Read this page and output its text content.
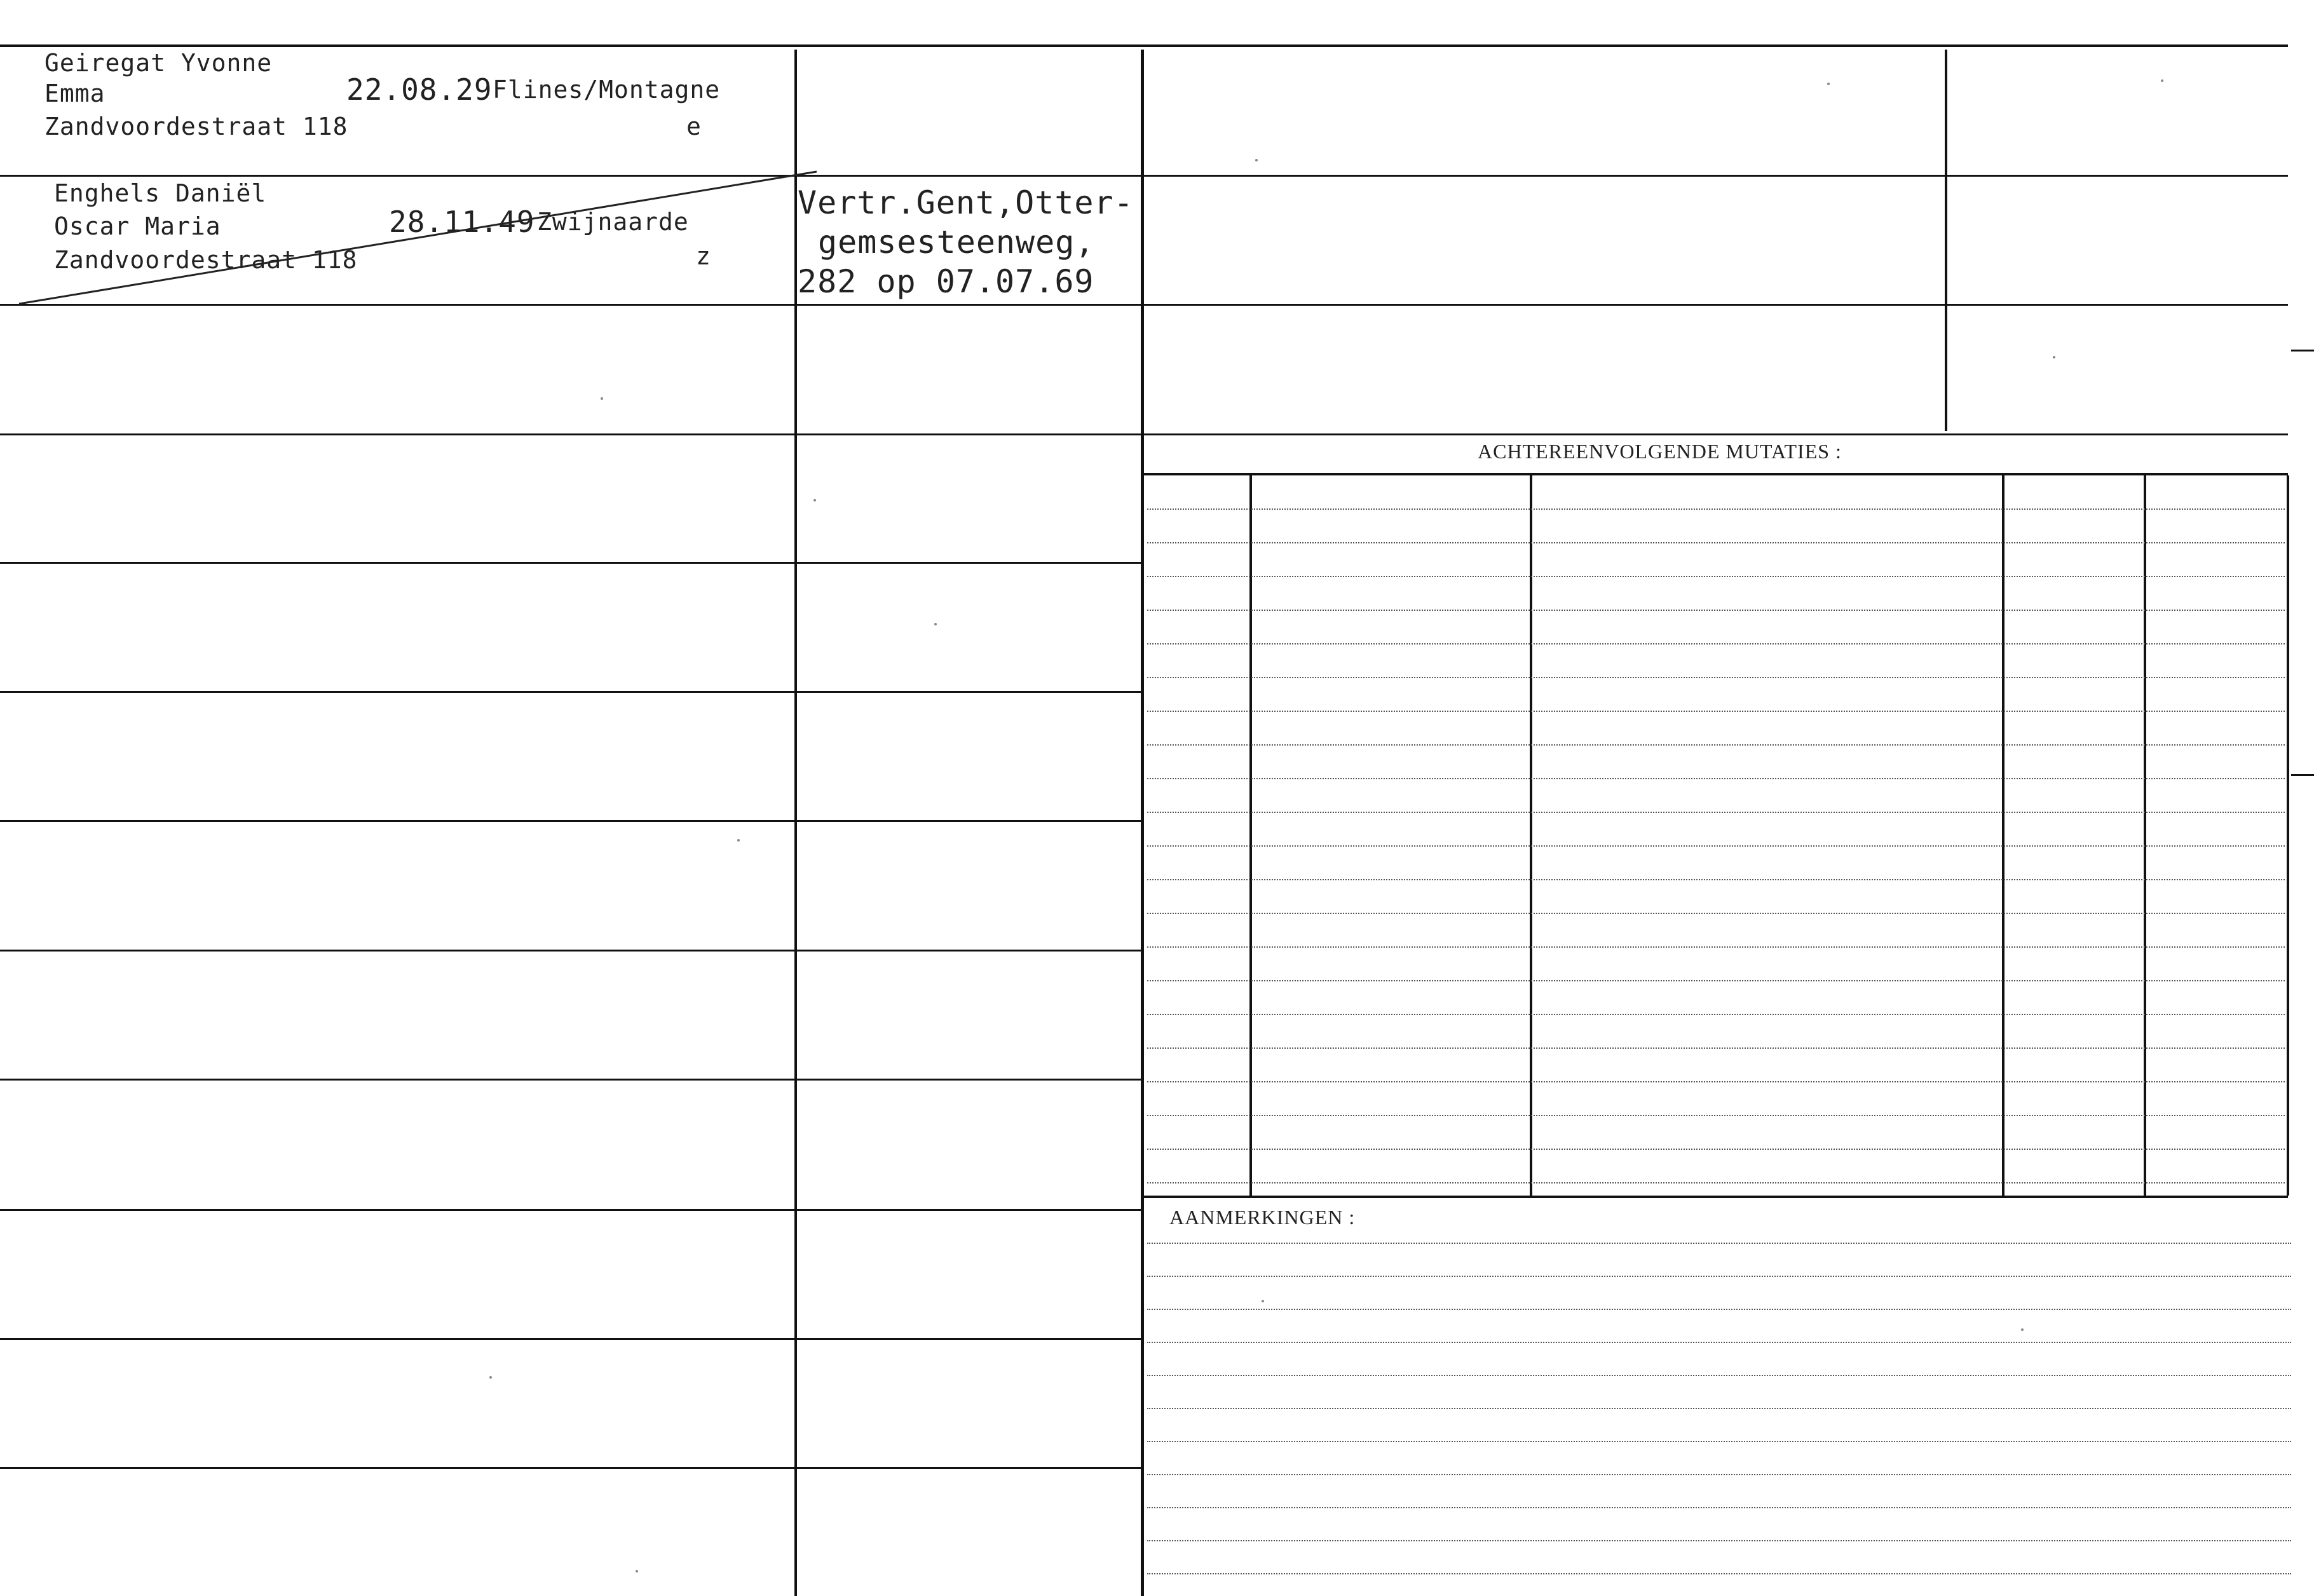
ACHTEREENVOLGENDE MUTATIES :
AANMERKINGEN :
Geiregat Yvonne
Emma	22.08.29 Flines/Montagne
Zandvoordestraat 118	e
Enghels Daniël
Oscar Maria	28.11.49 Zwijnaarde
Zandvoordestraat 118	z
Vertr.Gent,Otter-
gemsesteenweg,
282 op 07.07.69
